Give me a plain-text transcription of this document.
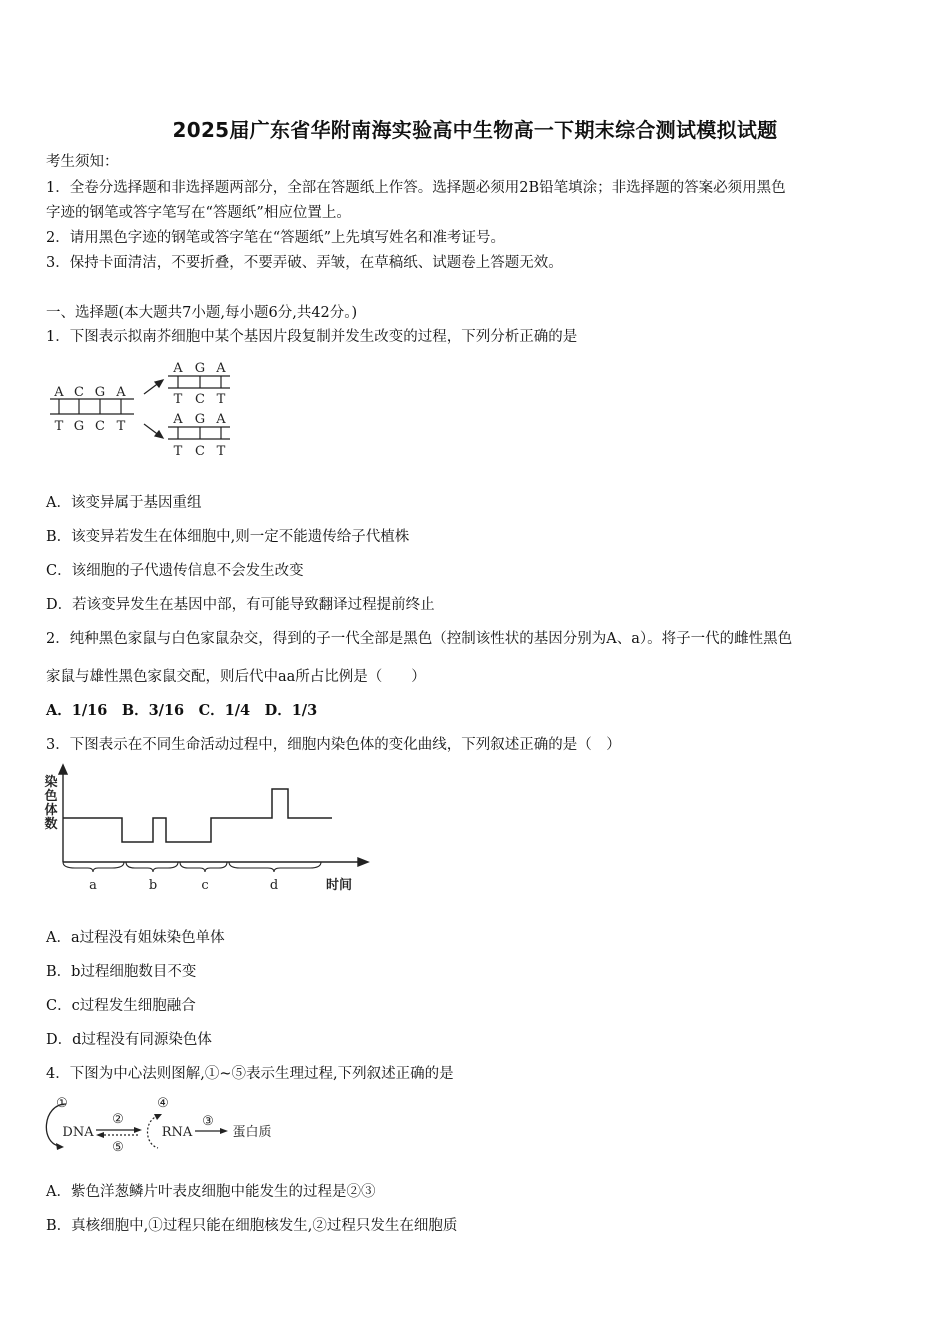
2025届广东省华附南海实验高中生物高一下期末综合测试模拟试题
考生须知：
1．全卷分选择题和非选择题两部分，全部在答题纸上作答。选择题必须用2B铅笔填涂；非选择题的答案必须用黑色
字迹的钢笔或答字笔写在“答题纸”相应位置上。
2．请用黑色字迹的钢笔或答字笔在“答题纸”上先填写姓名和准考证号。
3．保持卡面清洁，不要折叠，不要弄破、弄皱，在草稿纸、试题卷上答题无效。
一、选择题(本大题共7小题,每小题6分,共42分。)
1．下图表示拟南芥细胞中某个基因片段复制并发生改变的过程，下列分析正确的是
A C G A
T G C T
A G A
T C T
A G A
T C T
A．该变异属于基因重组
B．该变异若发生在体细胞中,则一定不能遗传给子代植株
C．该细胞的子代遗传信息不会发生改变
D．若该变异发生在基因中部，有可能导致翻译过程提前终止
2．纯种黑色家鼠与白色家鼠杂交，得到的子一代全部是黑色（控制该性状的基因分别为A、a）。将子一代的雌性黑色
家鼠与雄性黑色家鼠交配，则后代中aa所占比例是（　　）
A．1/16　B．3/16　C．1/4　D．1/3
3．下图表示在不同生命活动过程中，细胞内染色体的变化曲线，下列叙述正确的是（　）
染
色
体
数
a	b	c	d	时间
A．a过程没有姐妹染色单体
B．b过程细胞数目不变
C．c过程发生细胞融合
D．d过程没有同源染色体
4．下图为中心法则图解,①~⑤表示生理过程,下列叙述正确的是
①
DNA
②
⑤
④
RNA
③
蛋白质
A．紫色洋葱鳞片叶表皮细胞中能发生的过程是②③
B．真核细胞中,①过程只能在细胞核发生,②过程只发生在细胞质
